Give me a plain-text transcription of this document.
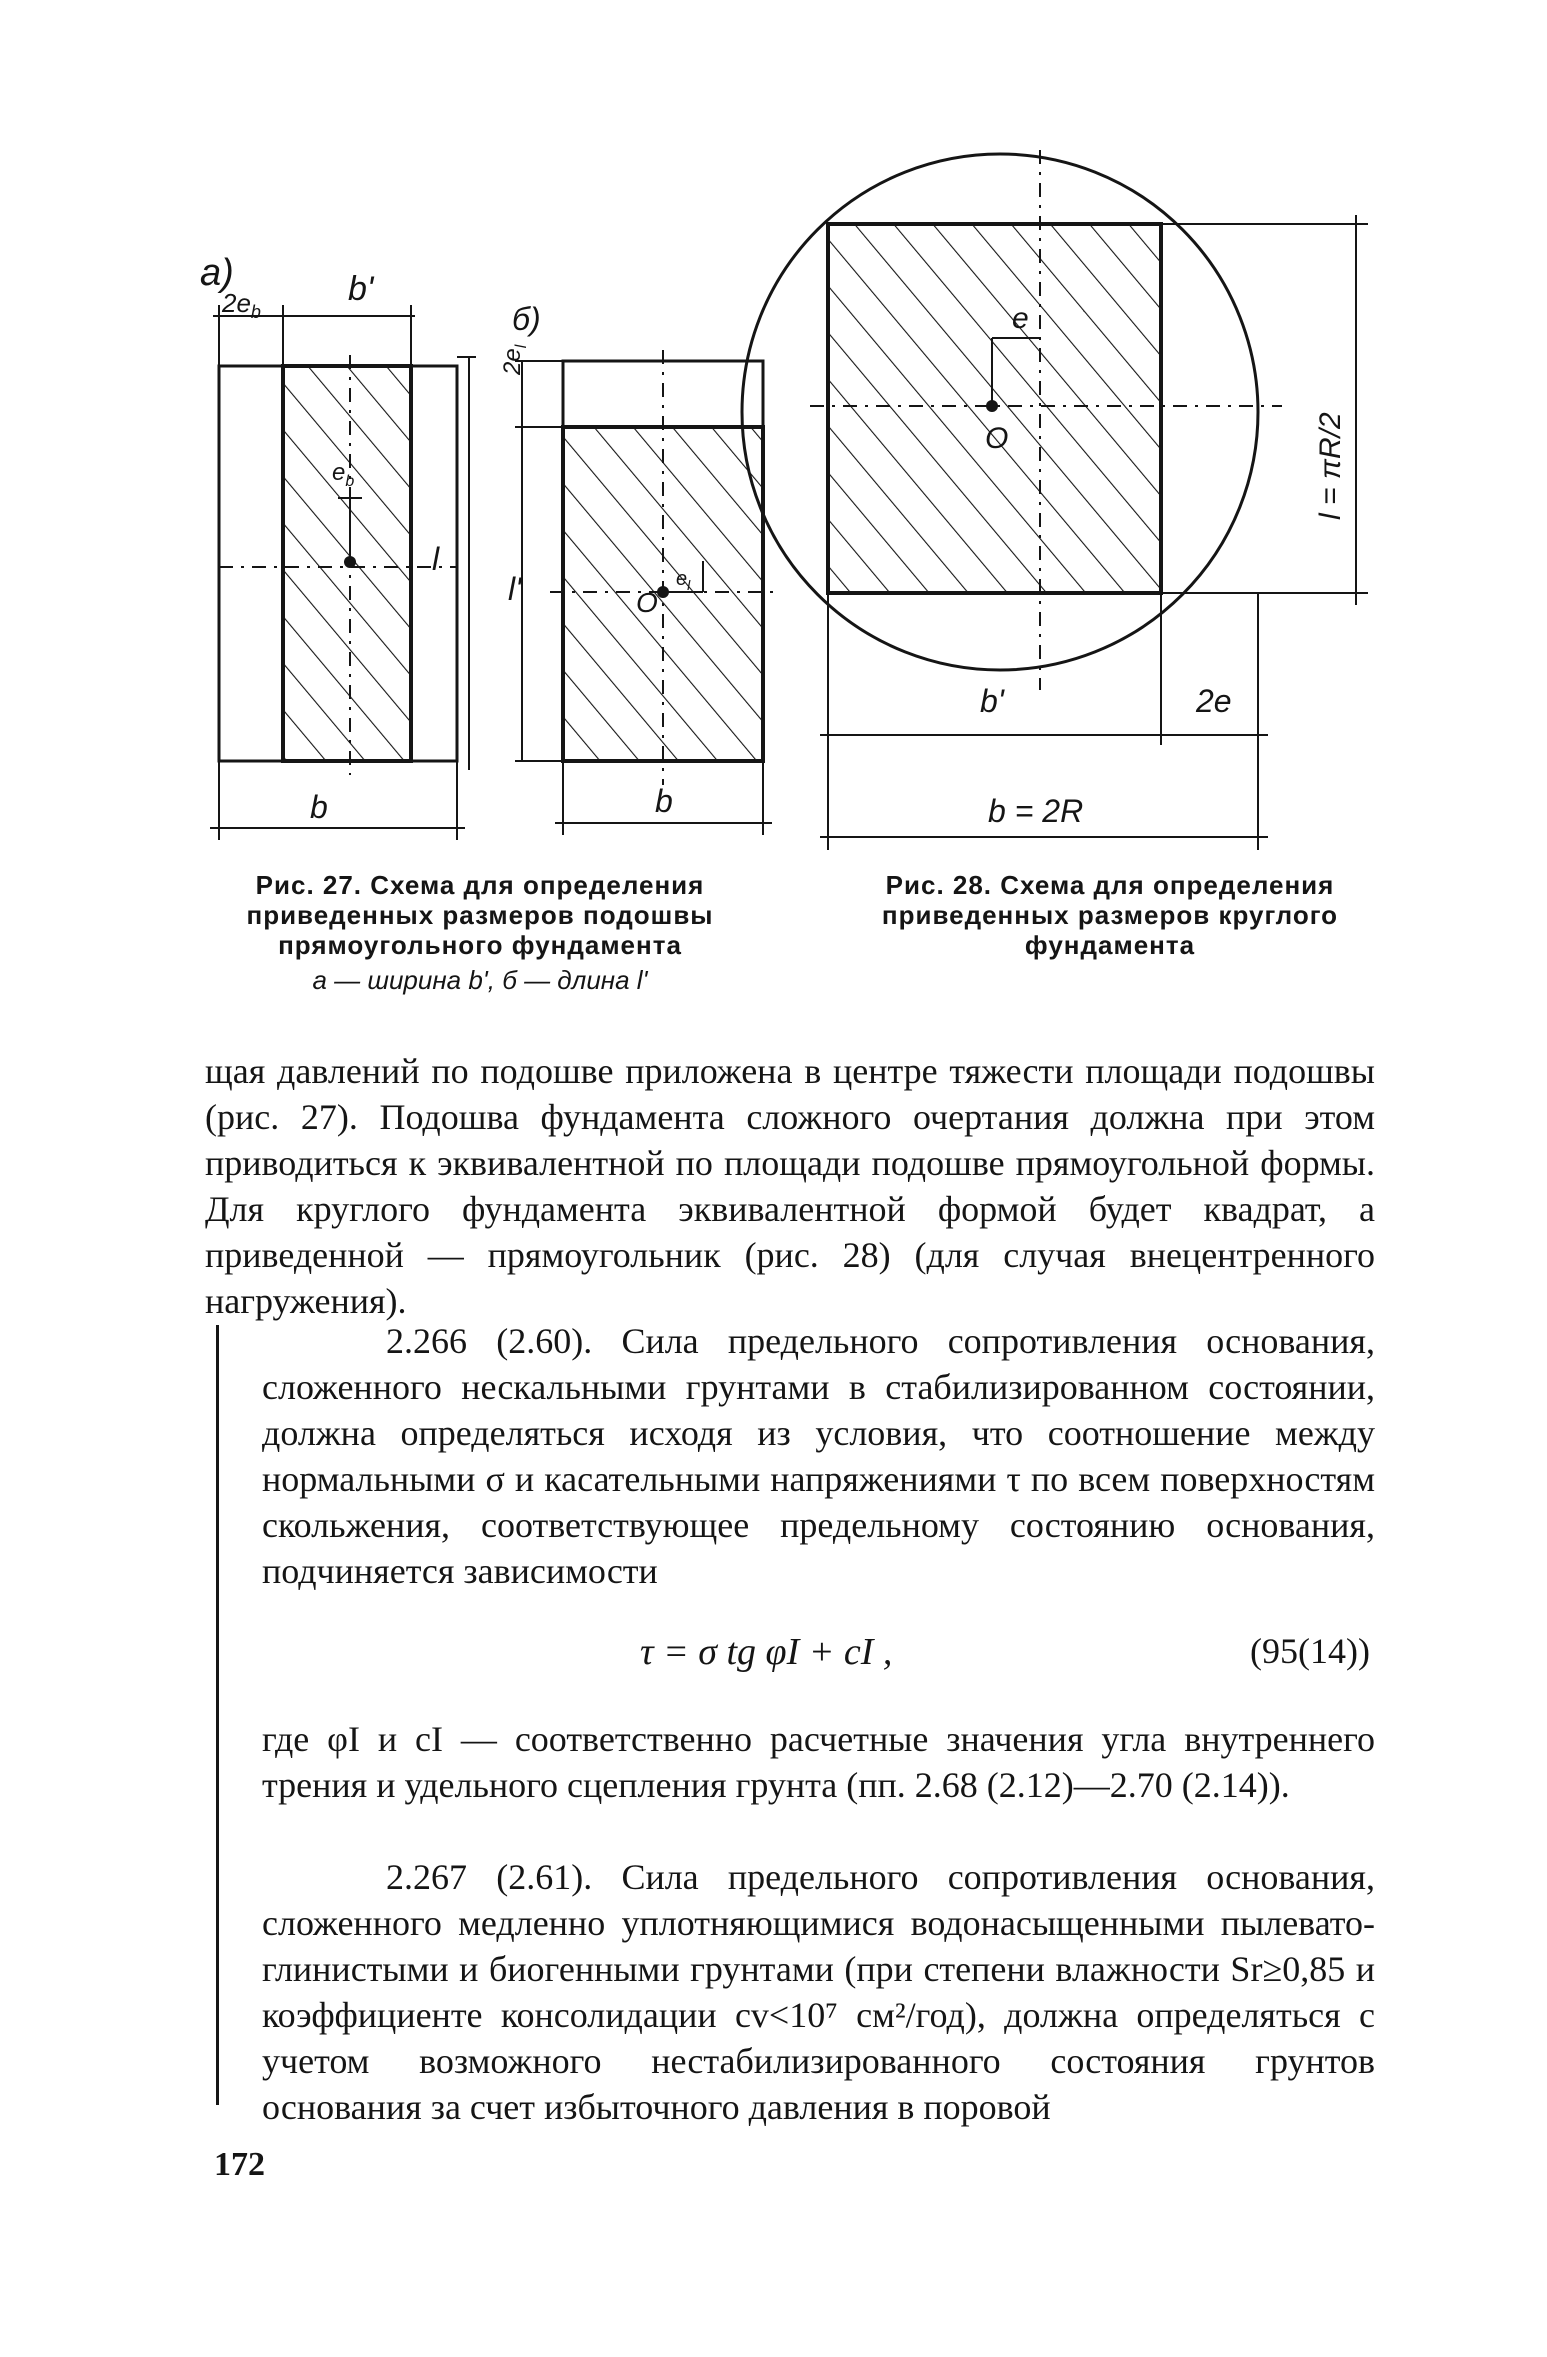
a)
$2e_b$
b'
$e_b$
l
b
б)
$2e_l$
l'	O
$e_l$
b
e
O	l = πR/2
b'	2e
b = 2R
Рис. 27. Схема для определения приведенных размеров подошвы прямоугольного фундамента
а — ширина b', б — длина l'
Рис. 28. Схема для определения приведенных размеров круглого фундамента

щая давлений по подошве приложена в центре тяжести площади подошвы (рис. 27). Подошва фундамента сложного очертания должна при этом приводиться к эквивалентной по площади подошве прямоугольной формы. Для круглого фундамента эквивалентной формой будет квадрат, а приведенной — прямоугольник (рис. 28) (для случая внецентренного нагружения).

2.266 (2.60). Сила предельного сопротивления основания, сложенного нескальными грунтами в стабилизированном состоянии, должна определяться исходя из условия, что соотношение между нормальными σ и касательными напряжениями τ по всем поверхностям скольжения, соответствующее предельному состоянию основания, подчиняется зависимости

τ = σ tg φI + cI ,	(95(14))

где φI и cI — соответственно расчетные значения угла внутреннего трения и удельного сцепления грунта (пп. 2.68 (2.12)—2.70 (2.14)).

2.267 (2.61). Сила предельного сопротивления основания, сложенного медленно уплотняющимися водонасыщенными пылевато-глинистыми и биогенными грунтами (при степени влажности Sr≥0,85 и коэффициенте консолидации cv<10⁷ см²/год), должна определяться с учетом возможного нестабилизированного состояния грунтов основания за счет избыточного давления в поровой

172
